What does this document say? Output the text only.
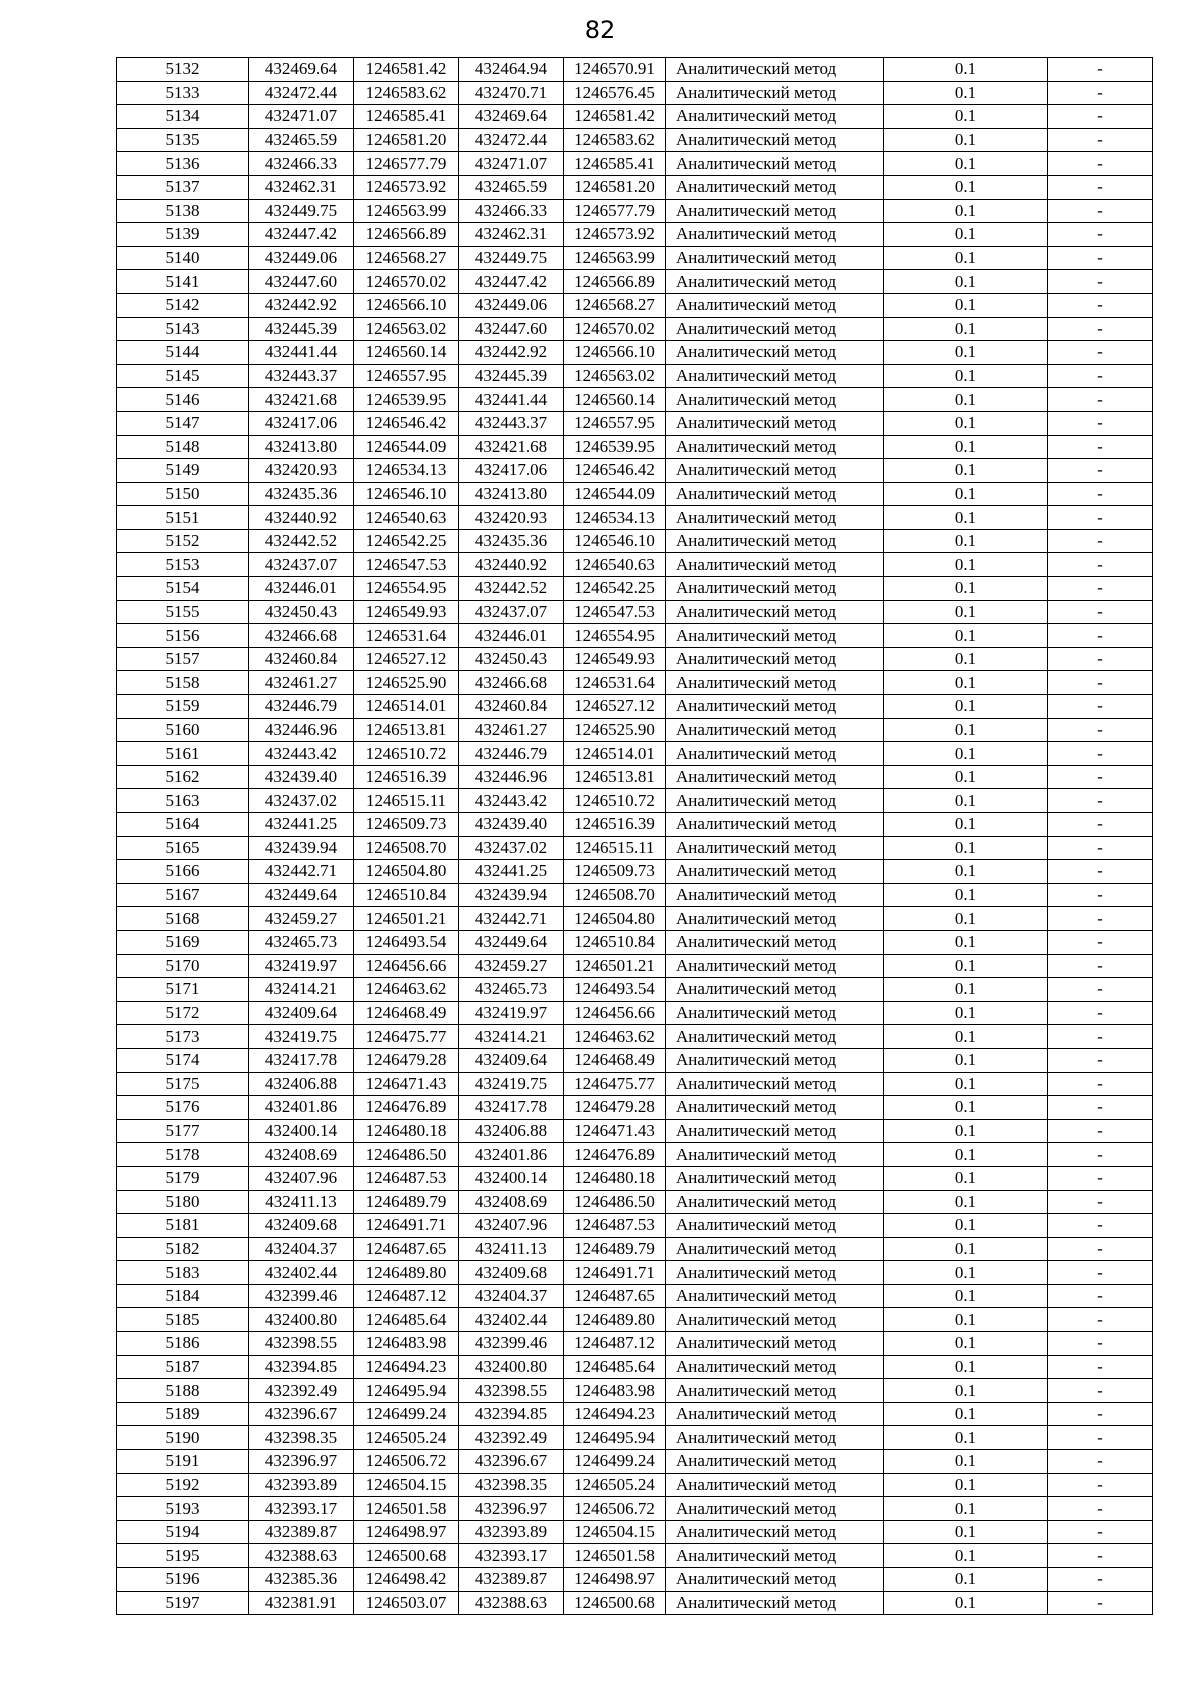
82
5132	432469.64	1246581.42	432464.94	1246570.91	Аналитический метод	0.1	-
5133	432472.44	1246583.62	432470.71	1246576.45	Аналитический метод	0.1	-
5134	432471.07	1246585.41	432469.64	1246581.42	Аналитический метод	0.1	-
5135	432465.59	1246581.20	432472.44	1246583.62	Аналитический метод	0.1	-
5136	432466.33	1246577.79	432471.07	1246585.41	Аналитический метод	0.1	-
5137	432462.31	1246573.92	432465.59	1246581.20	Аналитический метод	0.1	-
5138	432449.75	1246563.99	432466.33	1246577.79	Аналитический метод	0.1	-
5139	432447.42	1246566.89	432462.31	1246573.92	Аналитический метод	0.1	-
5140	432449.06	1246568.27	432449.75	1246563.99	Аналитический метод	0.1	-
5141	432447.60	1246570.02	432447.42	1246566.89	Аналитический метод	0.1	-
5142	432442.92	1246566.10	432449.06	1246568.27	Аналитический метод	0.1	-
5143	432445.39	1246563.02	432447.60	1246570.02	Аналитический метод	0.1	-
5144	432441.44	1246560.14	432442.92	1246566.10	Аналитический метод	0.1	-
5145	432443.37	1246557.95	432445.39	1246563.02	Аналитический метод	0.1	-
5146	432421.68	1246539.95	432441.44	1246560.14	Аналитический метод	0.1	-
5147	432417.06	1246546.42	432443.37	1246557.95	Аналитический метод	0.1	-
5148	432413.80	1246544.09	432421.68	1246539.95	Аналитический метод	0.1	-
5149	432420.93	1246534.13	432417.06	1246546.42	Аналитический метод	0.1	-
5150	432435.36	1246546.10	432413.80	1246544.09	Аналитический метод	0.1	-
5151	432440.92	1246540.63	432420.93	1246534.13	Аналитический метод	0.1	-
5152	432442.52	1246542.25	432435.36	1246546.10	Аналитический метод	0.1	-
5153	432437.07	1246547.53	432440.92	1246540.63	Аналитический метод	0.1	-
5154	432446.01	1246554.95	432442.52	1246542.25	Аналитический метод	0.1	-
5155	432450.43	1246549.93	432437.07	1246547.53	Аналитический метод	0.1	-
5156	432466.68	1246531.64	432446.01	1246554.95	Аналитический метод	0.1	-
5157	432460.84	1246527.12	432450.43	1246549.93	Аналитический метод	0.1	-
5158	432461.27	1246525.90	432466.68	1246531.64	Аналитический метод	0.1	-
5159	432446.79	1246514.01	432460.84	1246527.12	Аналитический метод	0.1	-
5160	432446.96	1246513.81	432461.27	1246525.90	Аналитический метод	0.1	-
5161	432443.42	1246510.72	432446.79	1246514.01	Аналитический метод	0.1	-
5162	432439.40	1246516.39	432446.96	1246513.81	Аналитический метод	0.1	-
5163	432437.02	1246515.11	432443.42	1246510.72	Аналитический метод	0.1	-
5164	432441.25	1246509.73	432439.40	1246516.39	Аналитический метод	0.1	-
5165	432439.94	1246508.70	432437.02	1246515.11	Аналитический метод	0.1	-
5166	432442.71	1246504.80	432441.25	1246509.73	Аналитический метод	0.1	-
5167	432449.64	1246510.84	432439.94	1246508.70	Аналитический метод	0.1	-
5168	432459.27	1246501.21	432442.71	1246504.80	Аналитический метод	0.1	-
5169	432465.73	1246493.54	432449.64	1246510.84	Аналитический метод	0.1	-
5170	432419.97	1246456.66	432459.27	1246501.21	Аналитический метод	0.1	-
5171	432414.21	1246463.62	432465.73	1246493.54	Аналитический метод	0.1	-
5172	432409.64	1246468.49	432419.97	1246456.66	Аналитический метод	0.1	-
5173	432419.75	1246475.77	432414.21	1246463.62	Аналитический метод	0.1	-
5174	432417.78	1246479.28	432409.64	1246468.49	Аналитический метод	0.1	-
5175	432406.88	1246471.43	432419.75	1246475.77	Аналитический метод	0.1	-
5176	432401.86	1246476.89	432417.78	1246479.28	Аналитический метод	0.1	-
5177	432400.14	1246480.18	432406.88	1246471.43	Аналитический метод	0.1	-
5178	432408.69	1246486.50	432401.86	1246476.89	Аналитический метод	0.1	-
5179	432407.96	1246487.53	432400.14	1246480.18	Аналитический метод	0.1	-
5180	432411.13	1246489.79	432408.69	1246486.50	Аналитический метод	0.1	-
5181	432409.68	1246491.71	432407.96	1246487.53	Аналитический метод	0.1	-
5182	432404.37	1246487.65	432411.13	1246489.79	Аналитический метод	0.1	-
5183	432402.44	1246489.80	432409.68	1246491.71	Аналитический метод	0.1	-
5184	432399.46	1246487.12	432404.37	1246487.65	Аналитический метод	0.1	-
5185	432400.80	1246485.64	432402.44	1246489.80	Аналитический метод	0.1	-
5186	432398.55	1246483.98	432399.46	1246487.12	Аналитический метод	0.1	-
5187	432394.85	1246494.23	432400.80	1246485.64	Аналитический метод	0.1	-
5188	432392.49	1246495.94	432398.55	1246483.98	Аналитический метод	0.1	-
5189	432396.67	1246499.24	432394.85	1246494.23	Аналитический метод	0.1	-
5190	432398.35	1246505.24	432392.49	1246495.94	Аналитический метод	0.1	-
5191	432396.97	1246506.72	432396.67	1246499.24	Аналитический метод	0.1	-
5192	432393.89	1246504.15	432398.35	1246505.24	Аналитический метод	0.1	-
5193	432393.17	1246501.58	432396.97	1246506.72	Аналитический метод	0.1	-
5194	432389.87	1246498.97	432393.89	1246504.15	Аналитический метод	0.1	-
5195	432388.63	1246500.68	432393.17	1246501.58	Аналитический метод	0.1	-
5196	432385.36	1246498.42	432389.87	1246498.97	Аналитический метод	0.1	-
5197	432381.91	1246503.07	432388.63	1246500.68	Аналитический метод	0.1	-
